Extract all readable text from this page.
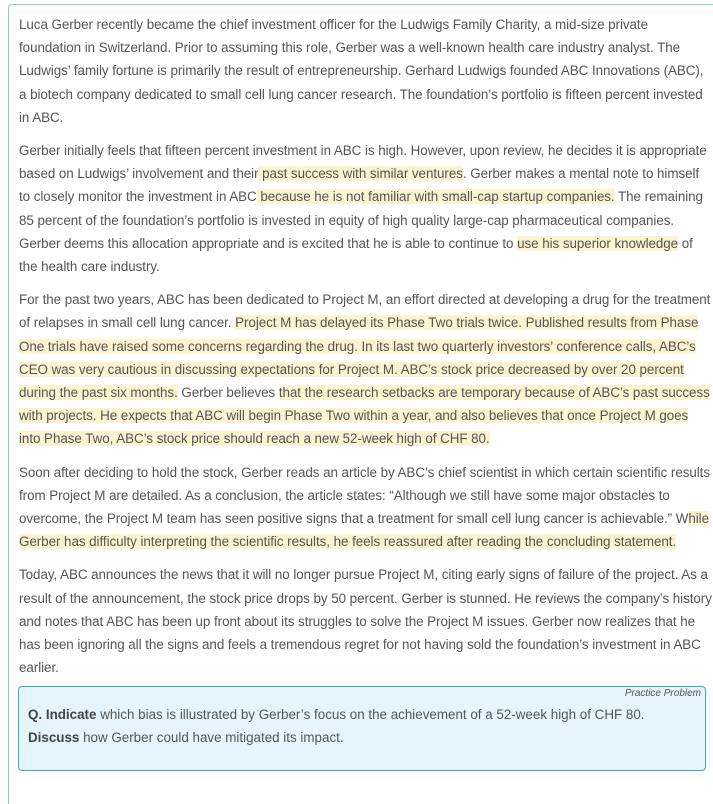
Luca Gerber recently became the chief investment officer for the Ludwigs Family Charity, a mid-size private foundation in Switzerland. Prior to assuming this role, Gerber was a well-known health care industry analyst. The Ludwigs’ family fortune is primarily the result of entrepreneurship. Gerhard Ludwigs founded ABC Innovations (ABC), a biotech company dedicated to small cell lung cancer research. The foundation’s portfolio is fifteen percent invested in ABC.

Gerber initially feels that fifteen percent investment in ABC is high. However, upon review, he decides it is appropriate based on Ludwigs’ involvement and their past success with similar ventures. Gerber makes a mental note to himself to closely monitor the investment in ABC because he is not familiar with small-cap startup companies. The remaining 85 percent of the foundation’s portfolio is invested in equity of high quality large-cap pharmaceutical companies. Gerber deems this allocation appropriate and is excited that he is able to continue to use his superior knowledge of the health care industry.

For the past two years, ABC has been dedicated to Project M, an effort directed at developing a drug for the treatment of relapses in small cell lung cancer. Project M has delayed its Phase Two trials twice. Published results from Phase One trials have raised some concerns regarding the drug. In its last two quarterly investors’ conference calls, ABC’s CEO was very cautious in discussing expectations for Project M. ABC’s stock price decreased by over 20 percent during the past six months. Gerber believes that the research setbacks are temporary because of ABC’s past success with projects. He expects that ABC will begin Phase Two within a year, and also believes that once Project M goes into Phase Two, ABC’s stock price should reach a new 52-week high of CHF 80.

Soon after deciding to hold the stock, Gerber reads an article by ABC’s chief scientist in which certain scientific results from Project M are detailed. As a conclusion, the article states: “Although we still have some major obstacles to overcome, the Project M team has seen positive signs that a treatment for small cell lung cancer is achievable.” While Gerber has difficulty interpreting the scientific results, he feels reassured after reading the concluding statement.

Today, ABC announces the news that it will no longer pursue Project M, citing early signs of failure of the project. As a result of the announcement, the stock price drops by 50 percent. Gerber is stunned. He reviews the company’s history and notes that ABC has been up front about its struggles to solve the Project M issues. Gerber now realizes that he has been ignoring all the signs and feels a tremendous regret for not having sold the foundation’s investment in ABC earlier.

Practice Problem
Q. Indicate which bias is illustrated by Gerber’s focus on the achievement of a 52-week high of CHF 80. Discuss how Gerber could have mitigated its impact.
